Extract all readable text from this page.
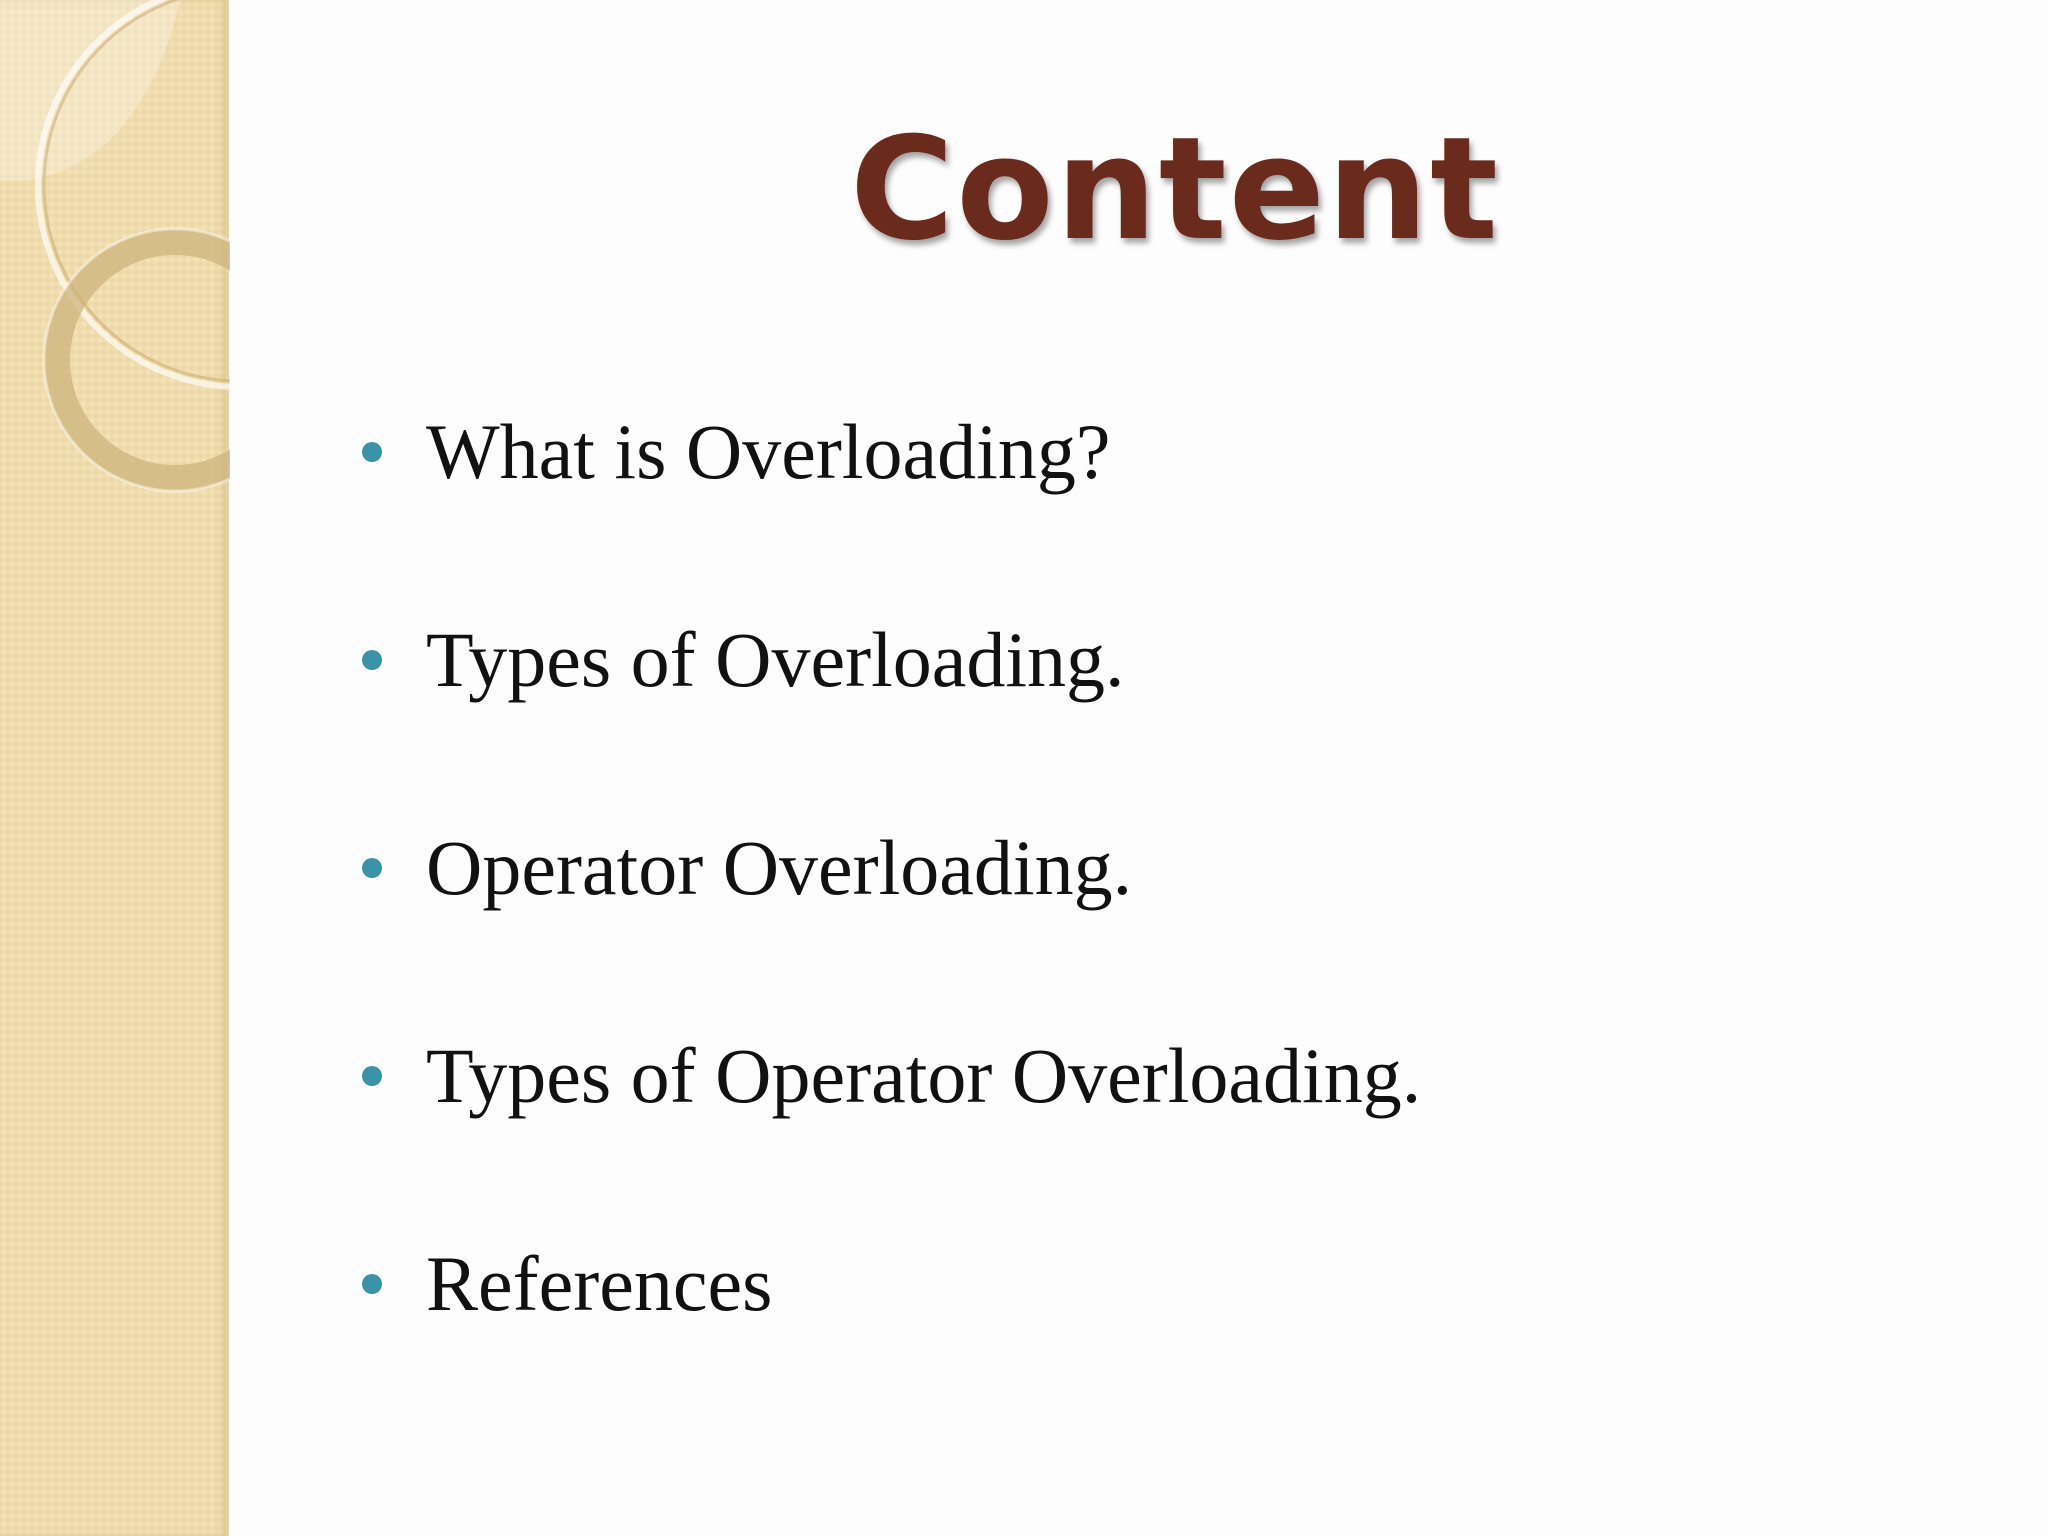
Content
What is Overloading?
Types of Overloading.
Operator Overloading.
Types of Operator Overloading.
References
